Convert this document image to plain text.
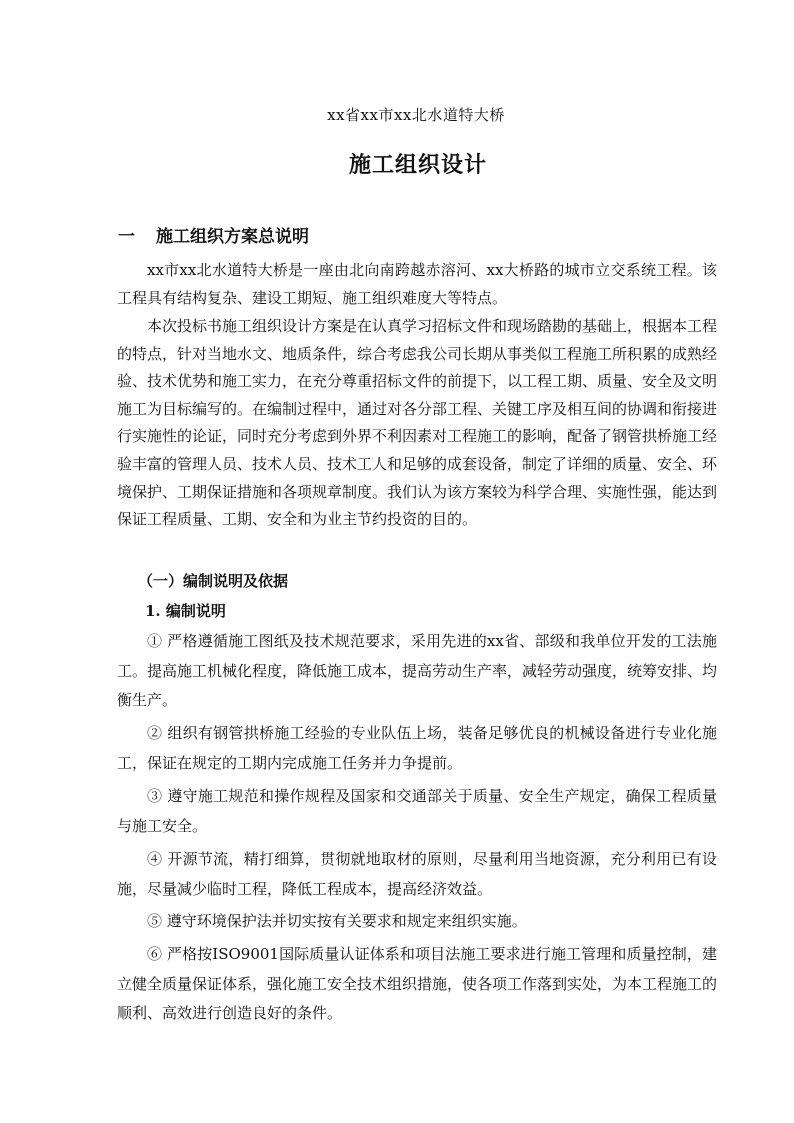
xx省xx市xx北水道特大桥
施工组织设计
一 施工组织方案总说明
xx市xx北水道特大桥是一座由北向南跨越赤溶河、xx大桥路的城市立交系统工程。该工程具有结构复杂、建设工期短、施工组织难度大等特点。
本次投标书施工组织设计方案是在认真学习招标文件和现场踏勘的基础上，根据本工程的特点，针对当地水文、地质条件，综合考虑我公司长期从事类似工程施工所积累的成熟经验、技术优势和施工实力，在充分尊重招标文件的前提下，以工程工期、质量、安全及文明施工为目标编写的。在编制过程中，通过对各分部工程、关键工序及相互间的协调和衔接进行实施性的论证，同时充分考虑到外界不利因素对工程施工的影响，配备了钢管拱桥施工经验丰富的管理人员、技术人员、技术工人和足够的成套设备，制定了详细的质量、安全、环境保护、工期保证措施和各项规章制度。我们认为该方案较为科学合理、实施性强，能达到保证工程质量、工期、安全和为业主节约投资的目的。
（一）编制说明及依据
1. 编制说明
① 严格遵循施工图纸及技术规范要求，采用先进的xx省、部级和我单位开发的工法施工。提高施工机械化程度，降低施工成本，提高劳动生产率，减轻劳动强度，统筹安排、均衡生产。
② 组织有钢管拱桥施工经验的专业队伍上场，装备足够优良的机械设备进行专业化施工，保证在规定的工期内完成施工任务并力争提前。
③ 遵守施工规范和操作规程及国家和交通部关于质量、安全生产规定，确保工程质量与施工安全。
④ 开源节流，精打细算，贯彻就地取材的原则，尽量利用当地资源，充分利用已有设施，尽量减少临时工程，降低工程成本，提高经济效益。
⑤ 遵守环境保护法并切实按有关要求和规定来组织实施。
⑥ 严格按ISO9001国际质量认证体系和项目法施工要求进行施工管理和质量控制，建立健全质量保证体系，强化施工安全技术组织措施，使各项工作落到实处，为本工程施工的顺利、高效进行创造良好的条件。
